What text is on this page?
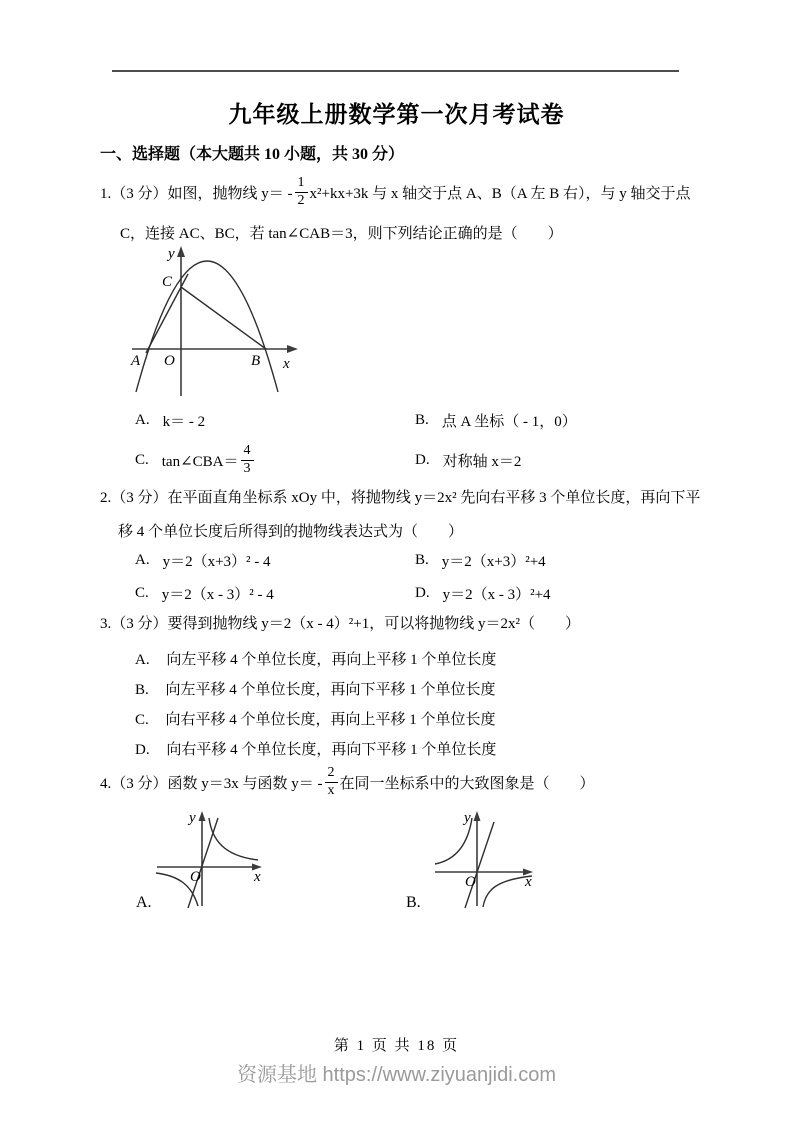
九年级上册数学第一次月考试卷
一、选择题（本大题共 10 小题，共 30 分）
1.（3 分）如图，抛物线 $y= - \frac{1}{2} x^2+kx+3k$ 与 x 轴交于点 A、B（A 左 B 右），与 y 轴交于点
C，连接 AC、BC，若 tan∠CAB＝3，则下列结论正确的是（　　）
y
C
A O	B x
A. k＝ - 2	B. 点 A 坐标（ - 1，0）
C. tan∠CBA＝ $\frac{4}{3}$	D. 对称轴 x＝2
2.（3 分）在平面直角坐标系 xOy 中，将抛物线 y＝2x² 先向右平移 3 个单位长度，再向下平
移 4 个单位长度后所得到的抛物线表达式为（　　）
A. y＝2（x+3）² - 4	B. y＝2（x+3）²+4
C. y＝2（x - 3）² - 4	D. y＝2（x - 3）²+4
3.（3 分）要得到抛物线 y＝2（x - 4）²+1，可以将抛物线 y＝2x²（　　）
A. 向左平移 4 个单位长度，再向上平移 1 个单位长度
B. 向左平移 4 个单位长度，再向下平移 1 个单位长度
C. 向右平移 4 个单位长度，再向上平移 1 个单位长度
D. 向右平移 4 个单位长度，再向下平移 1 个单位长度
4.（3 分）函数 y＝3x 与函数 $y= - \frac{2}{x}$ 在同一坐标系中的大致图象是（　　）
y
x
O
A.
y
x
O
B.
第 1 页 共 18 页
资源基地 https://www.ziyuanjidi.com
